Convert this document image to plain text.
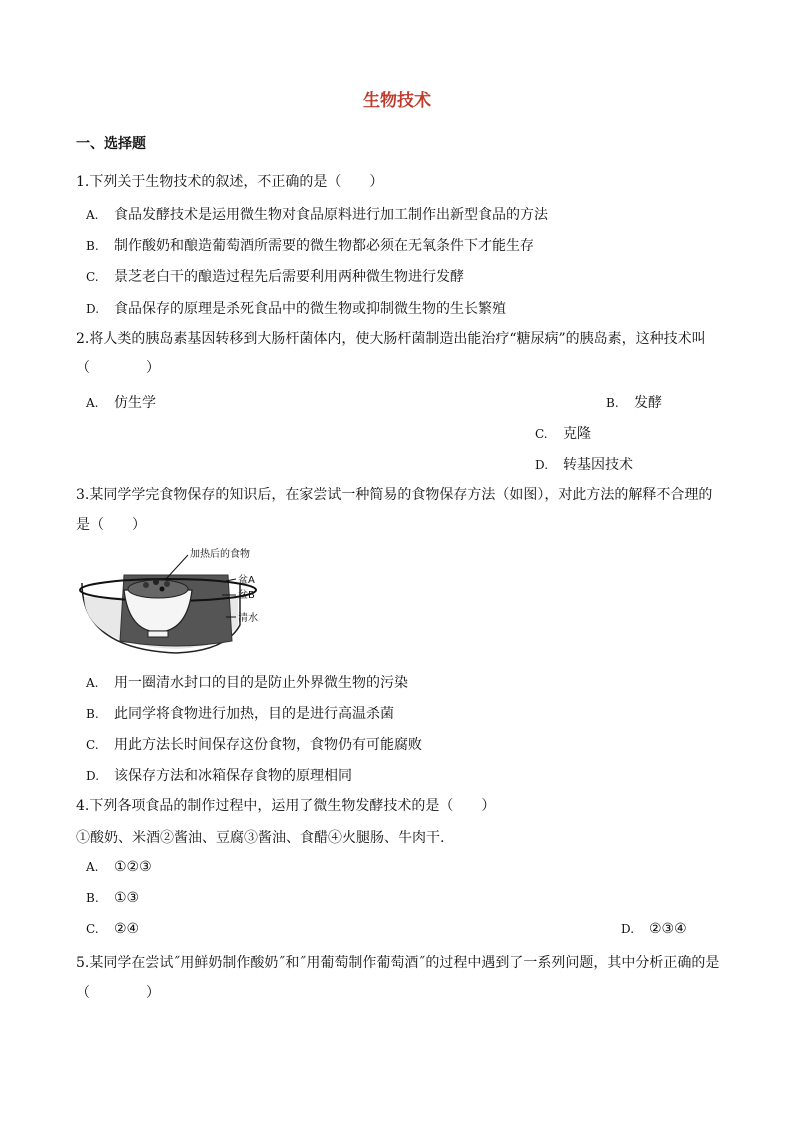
生物技术
一、选择题
1.下列关于生物技术的叙述，不正确的是（　　）
A. 食品发酵技术是运用微生物对食品原料进行加工制作出新型食品的方法
B. 制作酸奶和酿造葡萄酒所需要的微生物都必须在无氧条件下才能生存
C. 景芝老白干的酿造过程先后需要利用两种微生物进行发酵
D. 食品保存的原理是杀死食品中的微生物或抑制微生物的生长繁殖
2.将人类的胰岛素基因转移到大肠杆菌体内，使大肠杆菌制造出能治疗“糖尿病”的胰岛素，这种技术叫
（　　　　）
A. 仿生学	B. 发酵
C. 克隆
D. 转基因技术
3.某同学学完食物保存的知识后，在家尝试一种简易的食物保存方法（如图），对此方法的解释不合理的
是（　　）
加热后的食物
盆A
盆B
清水
A. 用一圈清水封口的目的是防止外界微生物的污染
B. 此同学将食物进行加热，目的是进行高温杀菌
C. 用此方法长时间保存这份食物，食物仍有可能腐败
D. 该保存方法和冰箱保存食物的原理相同
4.下列各项食品的制作过程中，运用了微生物发酵技术的是（　　）
①酸奶、米酒②酱油、豆腐③酱油、食醋④火腿肠、牛肉干.
A. ①②③
B. ①③
C. ②④	D. ②③④
5.某同学在尝试˝用鲜奶制作酸奶˝和˝用葡萄制作葡萄酒˝的过程中遇到了一系列问题，其中分析正确的是
（　　　　）
